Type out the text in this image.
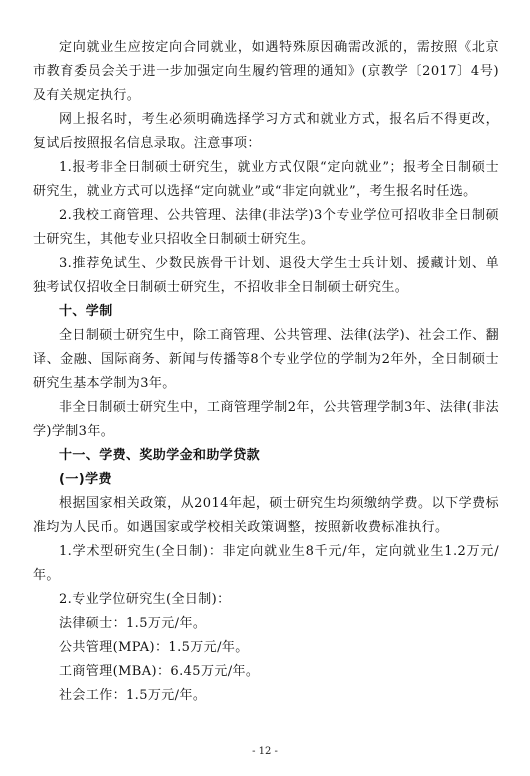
定向就业生应按定向合同就业，如遇特殊原因确需改派的，需按照《北京市教育委员会关于进一步加强定向生履约管理的通知》(京教学〔2017〕4号)及有关规定执行。

网上报名时，考生必须明确选择学习方式和就业方式，报名后不得更改，复试后按照报名信息录取。注意事项：

1.报考非全日制硕士研究生，就业方式仅限“定向就业”；报考全日制硕士研究生，就业方式可以选择“定向就业”或“非定向就业”，考生报名时任选。

2.我校工商管理、公共管理、法律(非法学)3个专业学位可招收非全日制硕士研究生，其他专业只招收全日制硕士研究生。

3.推荐免试生、少数民族骨干计划、退役大学生士兵计划、援藏计划、单独考试仅招收全日制硕士研究生，不招收非全日制硕士研究生。

十、学制

全日制硕士研究生中，除工商管理、公共管理、法律(法学)、社会工作、翻译、金融、国际商务、新闻与传播等8个专业学位的学制为2年外，全日制硕士研究生基本学制为3年。

非全日制硕士研究生中，工商管理学制2年，公共管理学制3年、法律(非法学)学制3年。

十一、学费、奖助学金和助学贷款

(一)学费

根据国家相关政策，从2014年起，硕士研究生均须缴纳学费。以下学费标准均为人民币。如遇国家或学校相关政策调整，按照新收费标准执行。

1.学术型研究生(全日制)：非定向就业生8千元/年，定向就业生1.2万元/年。

2.专业学位研究生(全日制)：

法律硕士：1.5万元/年。

公共管理(MPA)：1.5万元/年。

工商管理(MBA)：6.45万元/年。

社会工作：1.5万元/年。

- 12 -
